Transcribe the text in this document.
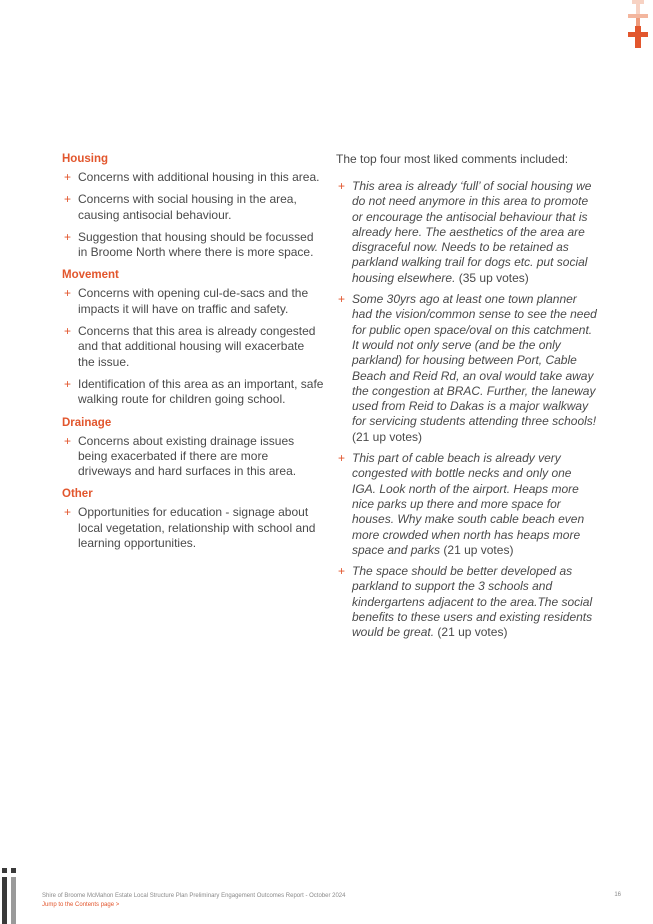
Housing
+ Concerns with additional housing in this area.
+ Concerns with social housing in the area, causing antisocial behaviour.
+ Suggestion that housing should be focussed in Broome North where there is more space.
Movement
+ Concerns with opening cul-de-sacs and the impacts it will have on traffic and safety.
+ Concerns that this area is already congested and that additional housing will exacerbate the issue.
+ Identification of this area as an important, safe walking route for children going school.
Drainage
+ Concerns about existing drainage issues being exacerbated if there are more driveways and hard surfaces in this area.
Other
+ Opportunities for education - signage about local vegetation, relationship with school and learning opportunities.

The top four most liked comments included:

+ This area is already ‘full’ of social housing we do not need anymore in this area to promote or encourage the antisocial behaviour that is already here. The aesthetics of the area are disgraceful now. Needs to be retained as parkland walking trail for dogs etc. put social housing elsewhere. (35 up votes)
+ Some 30yrs ago at least one town planner had the vision/common sense to see the need for public open space/oval on this catchment. It would not only serve (and be the only parkland) for housing between Port, Cable Beach and Reid Rd, an oval would take away the congestion at BRAC. Further, the laneway used from Reid to Dakas is a major walkway for servicing students attending three schools! (21 up votes)
+ This part of cable beach is already very congested with bottle necks and only one IGA. Look north of the airport. Heaps more nice parks up there and more space for houses. Why make south cable beach even more crowded when north has heaps more space and parks (21 up votes)
+ The space should be better developed as parkland to support the 3 schools and kindergartens adjacent to the area.The social benefits to these users and existing residents would be great. (21 up votes)
Shire of Broome McMahon Estate Local Structure Plan Preliminary Engagement Outcomes Report - October 2024
Jump to the Contents page >
16
